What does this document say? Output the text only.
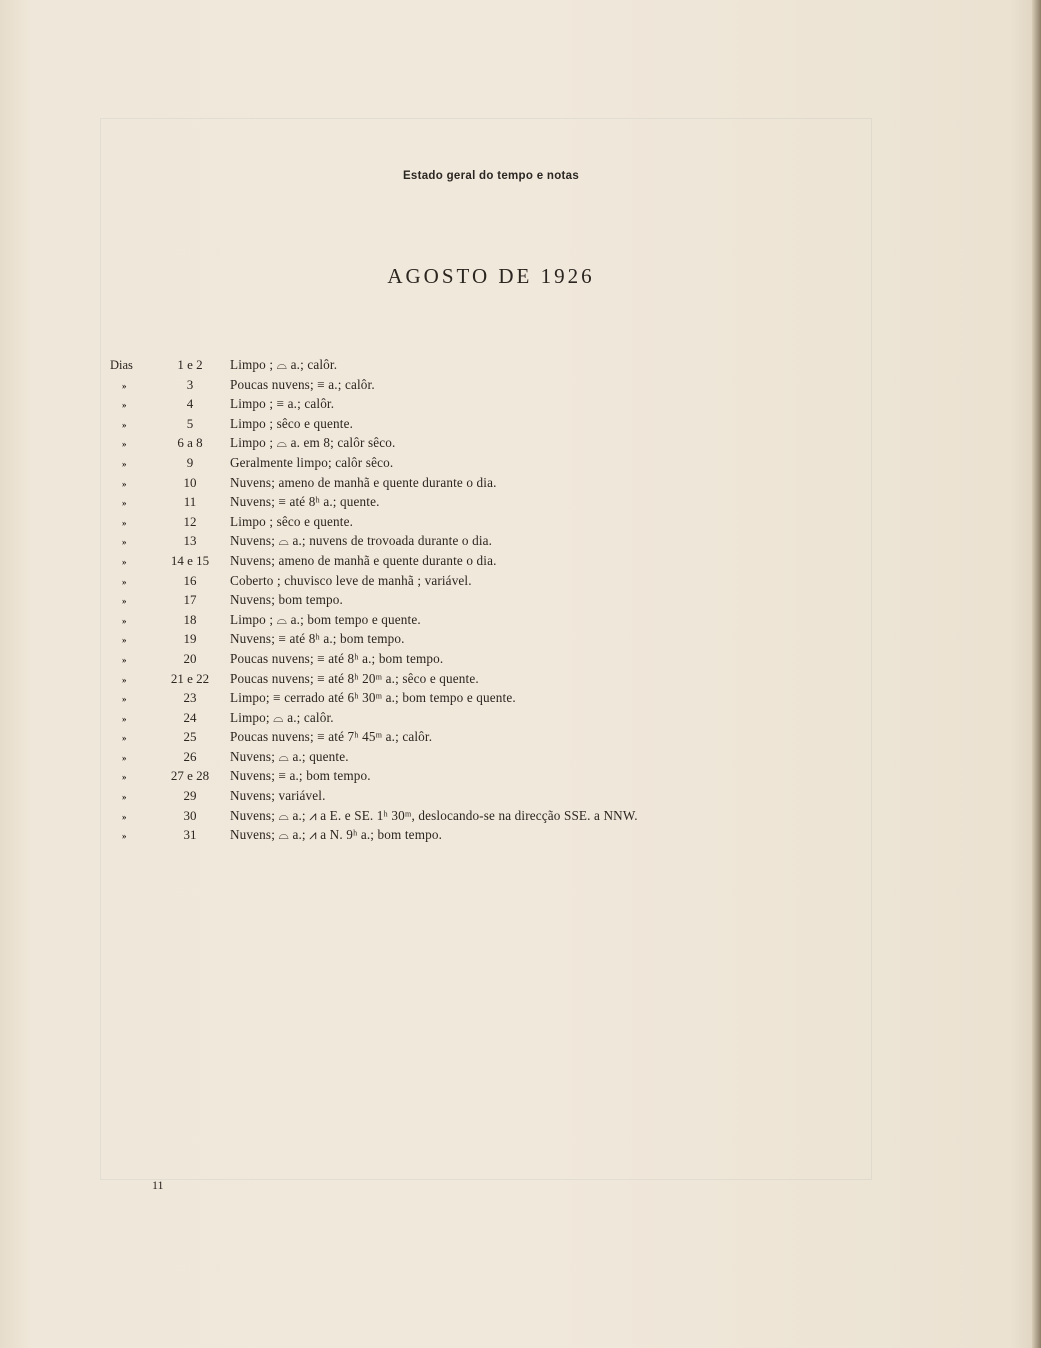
Estado geral do tempo e notas
AGOSTO DE 1926
Dias	1 e 2	Limpo ; ⌓ a.; calôr.
»	3	Poucas nuvens; ≡ a.; calôr.
»	4	Limpo ; ≡ a.; calôr.
»	5	Limpo ; sêco e quente.
»	6 a 8	Limpo ; ⌓ a. em 8; calôr sêco.
»	9	Geralmente limpo; calôr sêco.
»	10	Nuvens; ameno de manhã e quente durante o dia.
»	11	Nuvens; ≡ até 8ʰ a.; quente.
»	12	Limpo ; sêco e quente.
»	13	Nuvens; ⌓ a.; nuvens de trovoada durante o dia.
»	14 e 15	Nuvens; ameno de manhã e quente durante o dia.
»	16	Coberto ; chuvisco leve de manhã ; variável.
»	17	Nuvens; bom tempo.
»	18	Limpo ; ⌓ a.; bom tempo e quente.
»	19	Nuvens; ≡ até 8ʰ a.; bom tempo.
»	20	Poucas nuvens; ≡ até 8ʰ a.; bom tempo.
»	21 e 22	Poucas nuvens; ≡ até 8ʰ 20ᵐ a.; sêco e quente.
»	23	Limpo; ≡ cerrado até 6ʰ 30ᵐ a.; bom tempo e quente.
»	24	Limpo; ⌓ a.; calôr.
»	25	Poucas nuvens; ≡ até 7ʰ 45ᵐ a.; calôr.
»	26	Nuvens; ⌓ a.; quente.
»	27 e 28	Nuvens; ≡ a.; bom tempo.
»	29	Nuvens; variável.
»	30	Nuvens; ⌓ a.; ⩘ a E. e SE. 1ʰ 30ᵐ, deslocando-se na direcção SSE. a NNW.
»	31	Nuvens; ⌓ a.; ⩘ a N. 9ʰ a.; bom tempo.
11
